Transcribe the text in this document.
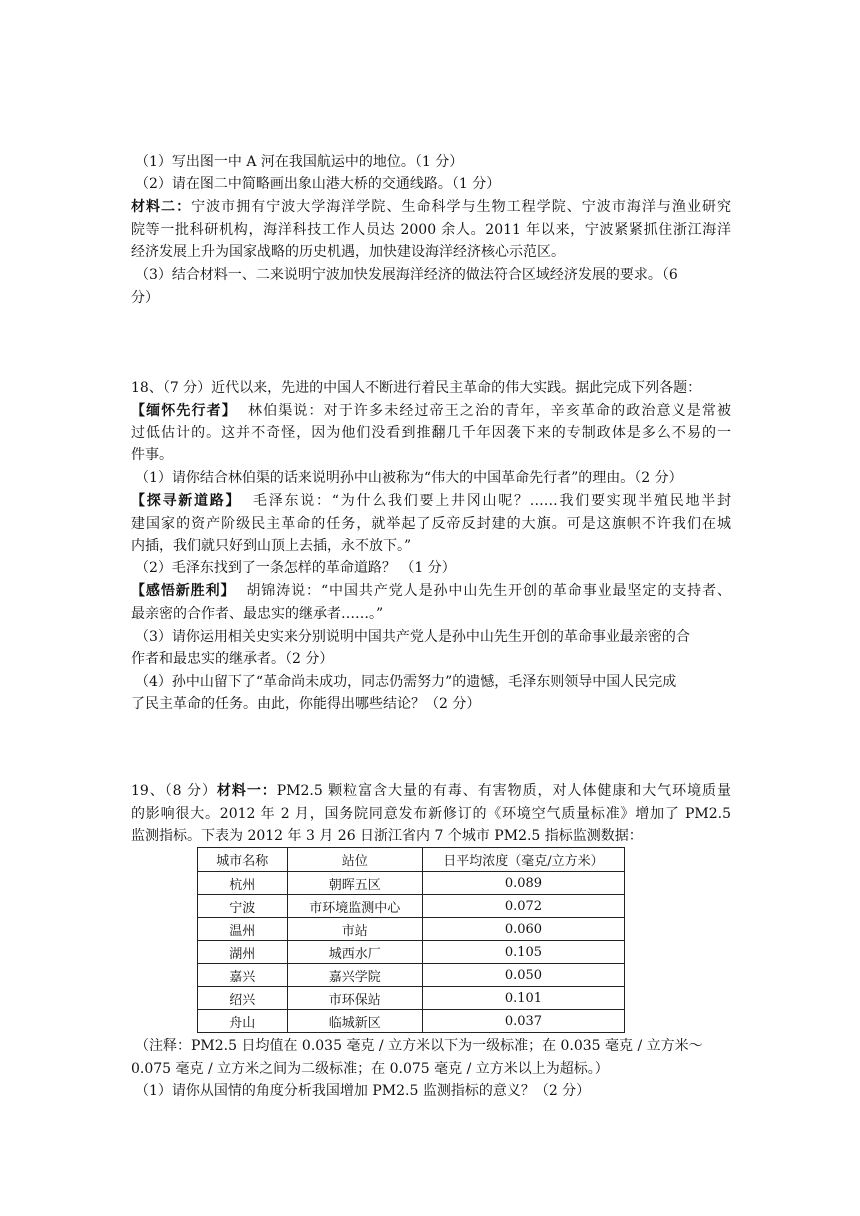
（1）写出图一中 A 河在我国航运中的地位。（1 分）
（2）请在图二中简略画出象山港大桥的交通线路。（1 分）
材料二：宁波市拥有宁波大学海洋学院、生命科学与生物工程学院、宁波市海洋与渔业研究
院等一批科研机构，海洋科技工作人员达 2000 余人。2011 年以来，宁波紧紧抓住浙江海洋
经济发展上升为国家战略的历史机遇，加快建设海洋经济核心示范区。
（3）结合材料一、二来说明宁波加快发展海洋经济的做法符合区域经济发展的要求。（6
分）
18、（7 分）近代以来，先进的中国人不断进行着民主革命的伟大实践。据此完成下列各题：
【缅怀先行者】 林伯渠说：对于许多未经过帝王之治的青年，辛亥革命的政治意义是常被
过低估计的。这并不奇怪，因为他们没看到推翻几千年因袭下来的专制政体是多么不易的一
件事。
（1）请你结合林伯渠的话来说明孙中山被称为“伟大的中国革命先行者”的理由。（2 分）
【探寻新道路】 毛泽东说：“为什么我们要上井冈山呢？……我们要实现半殖民地半封
建国家的资产阶级民主革命的任务，就举起了反帝反封建的大旗。可是这旗帜不许我们在城
内插，我们就只好到山顶上去插，永不放下。”
（2）毛泽东找到了一条怎样的革命道路？ （1 分）
【感悟新胜利】 胡锦涛说：“中国共产党人是孙中山先生开创的革命事业最坚定的支持者、
最亲密的合作者、最忠实的继承者……。”
（3）请你运用相关史实来分别说明中国共产党人是孙中山先生开创的革命事业最亲密的合
作者和最忠实的继承者。（2 分）
（4）孙中山留下了“革命尚未成功，同志仍需努力”的遗憾，毛泽东则领导中国人民完成
了民主革命的任务。由此，你能得出哪些结论？（2 分）
19、（8 分）材料一：PM2.5 颗粒富含大量的有毒、有害物质，对人体健康和大气环境质量
的影响很大。2012 年 2 月，国务院同意发布新修订的《环境空气质量标准》增加了 PM2.5
监测指标。下表为 2012 年 3 月 26 日浙江省内 7 个城市 PM2.5 指标监测数据：
城市名称	站位	日平均浓度（毫克/立方米）
杭州	朝晖五区	0.089
宁波	市环境监测中心	0.072
温州	市站	0.060
湖州	城西水厂	0.105
嘉兴	嘉兴学院	0.050
绍兴	市环保站	0.101
舟山	临城新区	0.037
（注释：PM2.5 日均值在 0.035 毫克 / 立方米以下为一级标准；在 0.035 毫克 / 立方米～
0.075 毫克 / 立方米之间为二级标准；在 0.075 毫克 / 立方米以上为超标。）
（1）请你从国情的角度分析我国增加 PM2.5 监测指标的意义？（2 分）
